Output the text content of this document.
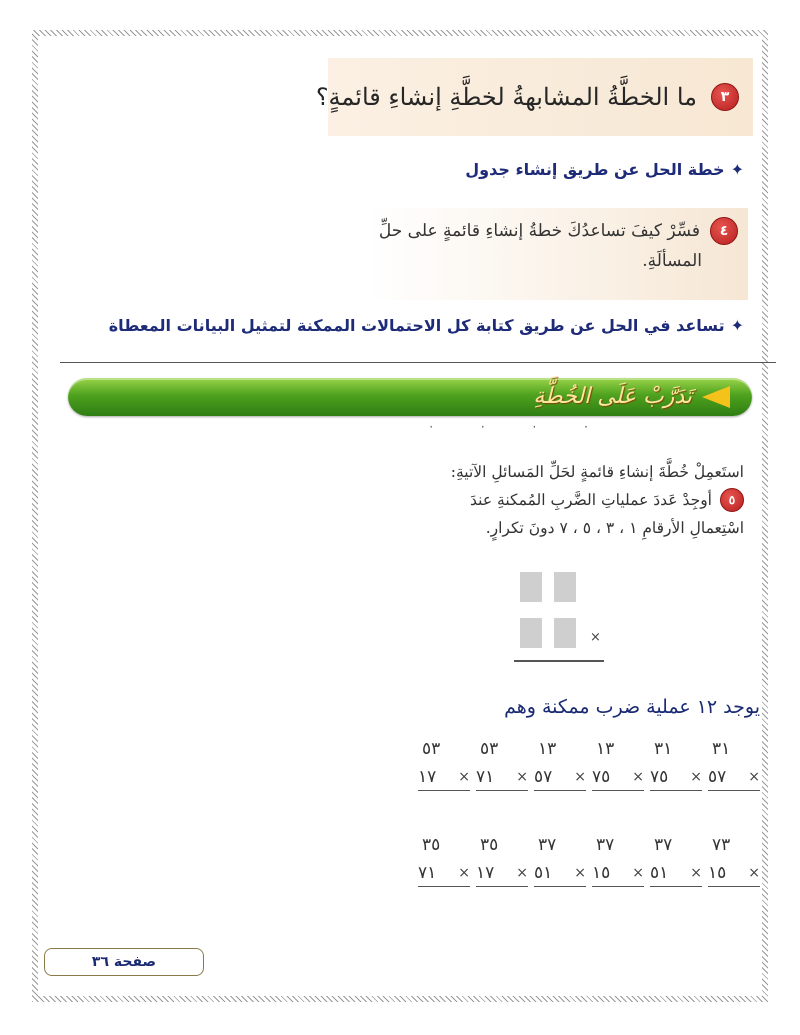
٣
ما الخطَّةُ المشابهةُ لخطَّةِ إنشاءِ قائمةٍ؟
✦خطة الحل عن طريق إنشاء جدول
٤
فسِّرْ كيفَ تساعدُكَ خطةُ إنشاءِ قائمةٍ على حلِّ
المسألَةِ.
✦تساعد في الحل عن طريق كتابة كل الاحتمالات الممكنة لتمثيل البيانات المعطاة
تَدَرَّبْ عَلَى الخُطَّةِ
· · · ·
استَعمِلْ خُطَّةَ إنشاءِ قائمةٍ لحَلِّ المَسائلِ الآتيةِ:
٥
أوجِدْ عَددَ عملياتِ الضَّربِ المُمكنةِ عندَ
اسْتِعمالِ الأرقامِ ١ ، ٣ ، ٥ ، ٧ دونَ تكرارٍ.
×
يوجد ١٢ عملية ضرب ممكنة وهم
٣١
٥٧ ×
٣١
٧٥ ×
١٣
٧٥ ×
١٣
٥٧ ×
٥٣
٧١ ×
٥٣
١٧ ×
٧٣
١٥ ×
٣٧
٥١ ×
٣٧
١٥ ×
٣٧
٥١ ×
٣٥
١٧ ×
٣٥
٧١ ×
صفحة ٣٦
